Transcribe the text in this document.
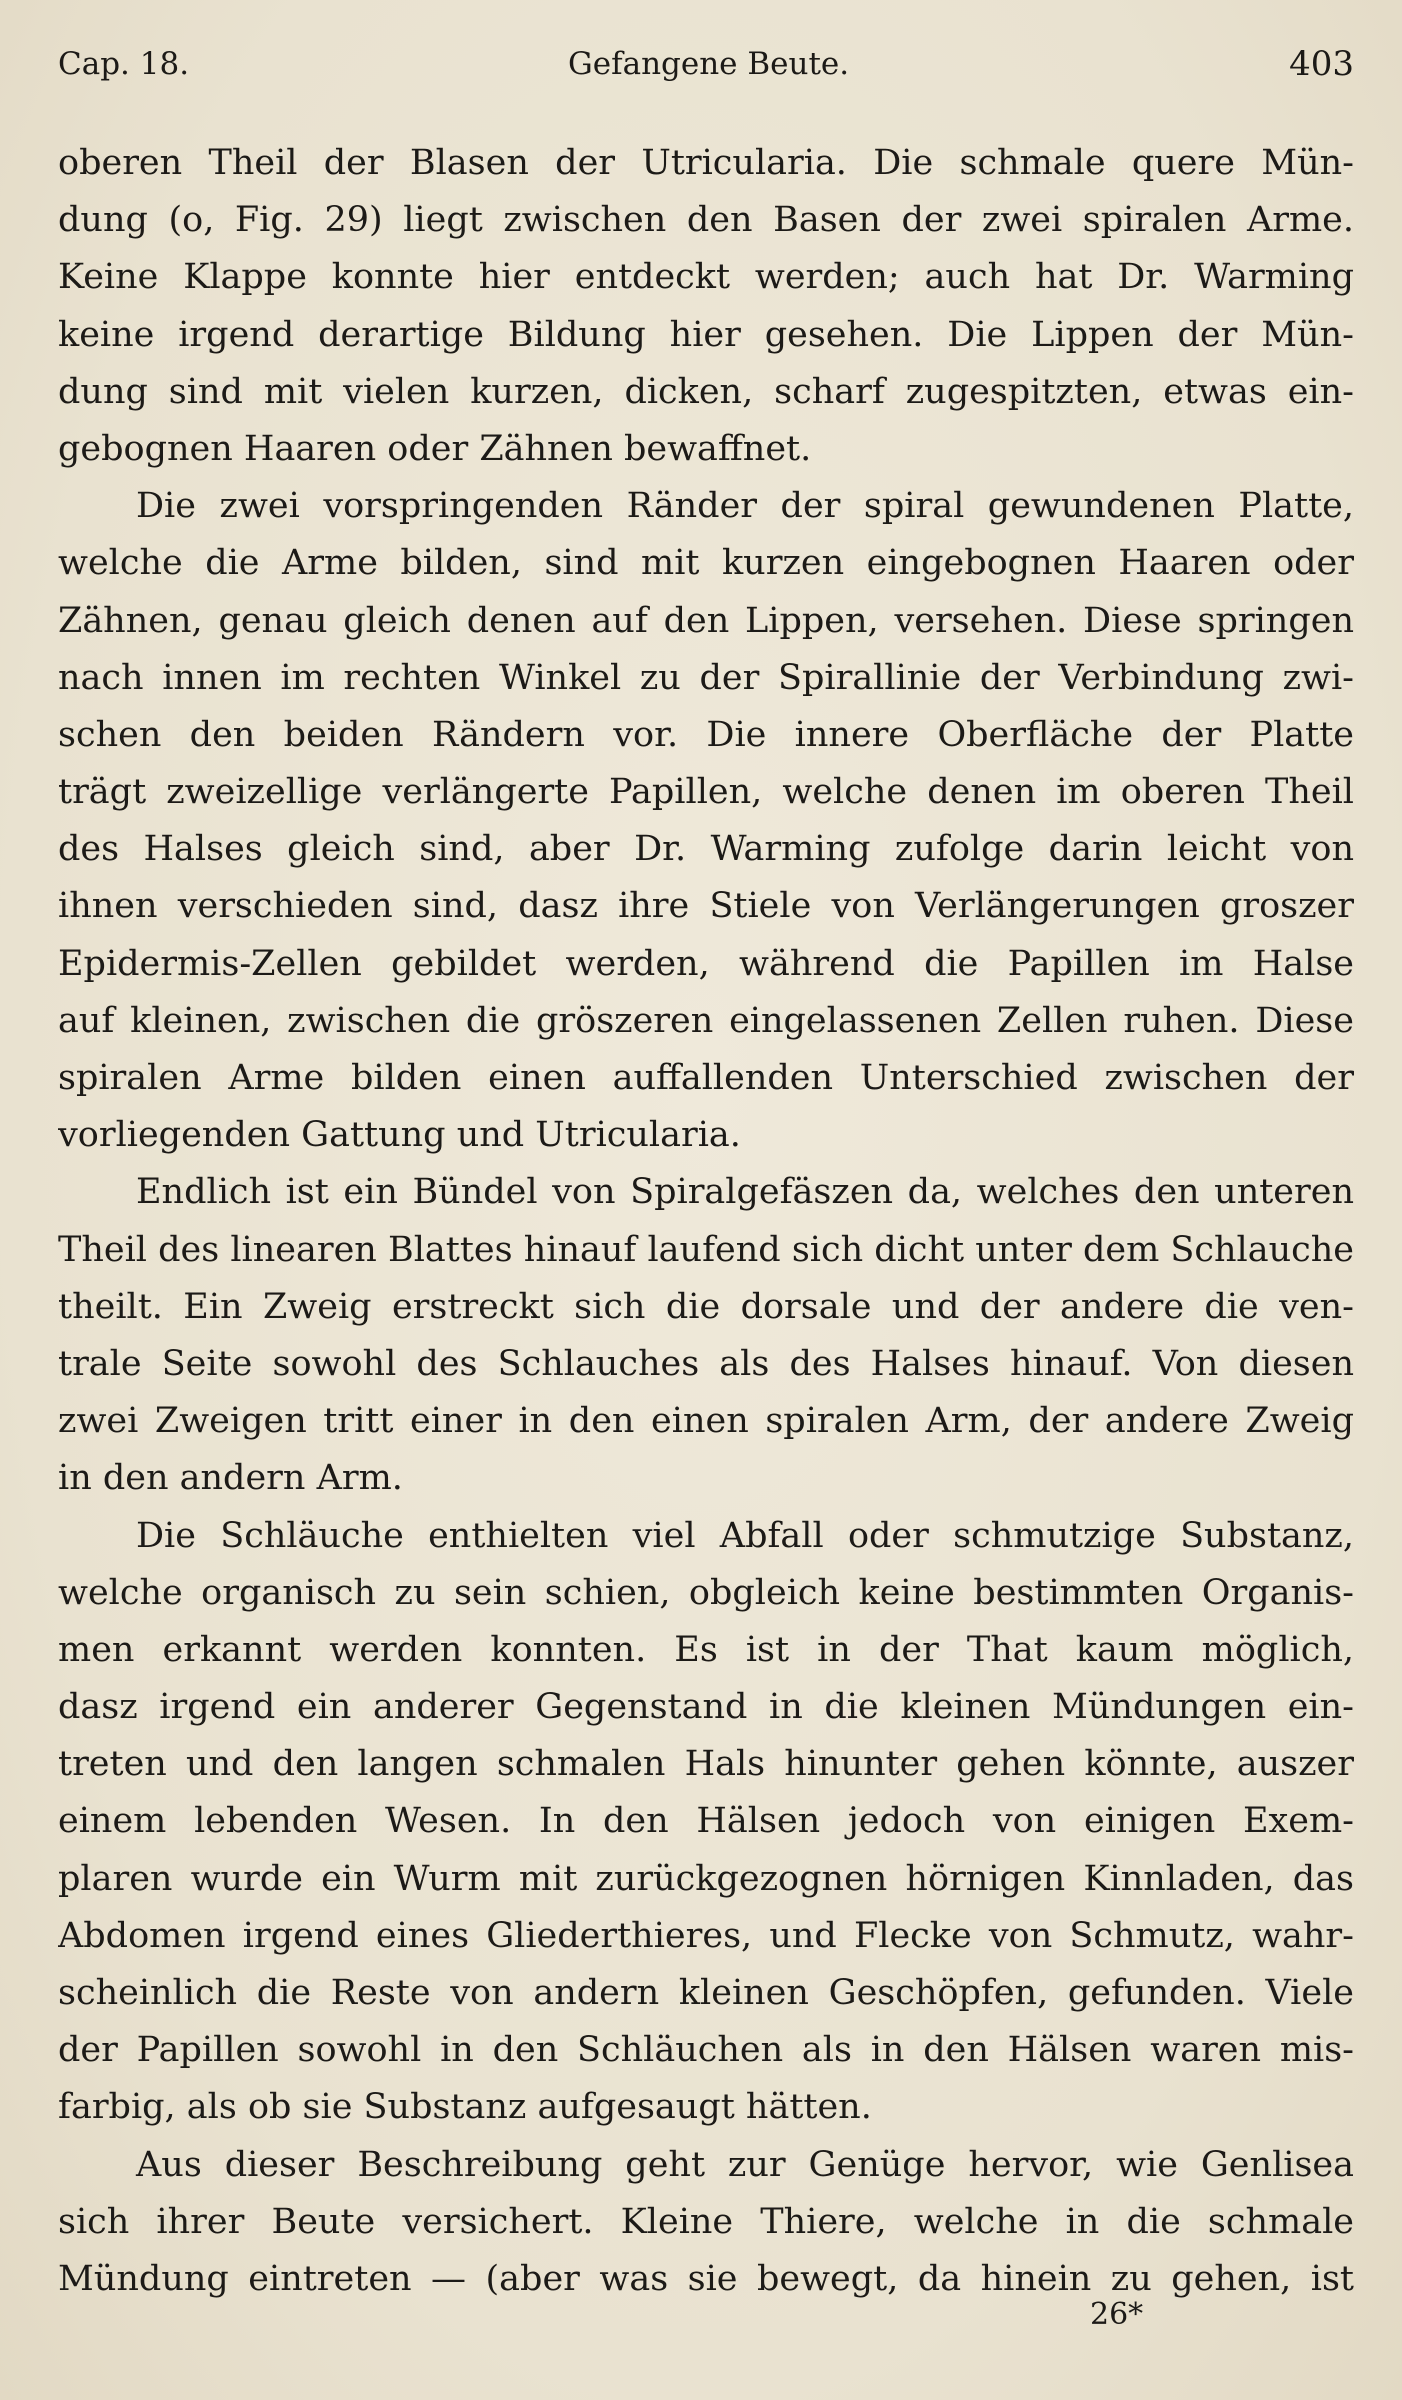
Cap. 18.	Gefangene Beute.	403
oberen Theil der Blasen der Utricularia. Die schmale quere Mün-
dung (o, Fig. 29) liegt zwischen den Basen der zwei spiralen Arme.
Keine Klappe konnte hier entdeckt werden; auch hat Dr. Warming
keine irgend derartige Bildung hier gesehen. Die Lippen der Mün-
dung sind mit vielen kurzen, dicken, scharf zugespitzten, etwas ein-
gebognen Haaren oder Zähnen bewaffnet.
Die zwei vorspringenden Ränder der spiral gewundenen Platte,
welche die Arme bilden, sind mit kurzen eingebognen Haaren oder
Zähnen, genau gleich denen auf den Lippen, versehen. Diese springen
nach innen im rechten Winkel zu der Spirallinie der Verbindung zwi-
schen den beiden Rändern vor. Die innere Oberfläche der Platte
trägt zweizellige verlängerte Papillen, welche denen im oberen Theil
des Halses gleich sind, aber Dr. Warming zufolge darin leicht von
ihnen verschieden sind, dasz ihre Stiele von Verlängerungen groszer
Epidermis-Zellen gebildet werden, während die Papillen im Halse
auf kleinen, zwischen die gröszeren eingelassenen Zellen ruhen. Diese
spiralen Arme bilden einen auffallenden Unterschied zwischen der
vorliegenden Gattung und Utricularia.
Endlich ist ein Bündel von Spiralgefäszen da, welches den unteren
Theil des linearen Blattes hinauf laufend sich dicht unter dem Schlauche
theilt. Ein Zweig erstreckt sich die dorsale und der andere die ven-
trale Seite sowohl des Schlauches als des Halses hinauf. Von diesen
zwei Zweigen tritt einer in den einen spiralen Arm, der andere Zweig
in den andern Arm.
Die Schläuche enthielten viel Abfall oder schmutzige Substanz,
welche organisch zu sein schien, obgleich keine bestimmten Organis-
men erkannt werden konnten. Es ist in der That kaum möglich,
dasz irgend ein anderer Gegenstand in die kleinen Mündungen ein-
treten und den langen schmalen Hals hinunter gehen könnte, auszer
einem lebenden Wesen. In den Hälsen jedoch von einigen Exem-
plaren wurde ein Wurm mit zurückgezognen hörnigen Kinnladen, das
Abdomen irgend eines Gliederthieres, und Flecke von Schmutz, wahr-
scheinlich die Reste von andern kleinen Geschöpfen, gefunden. Viele
der Papillen sowohl in den Schläuchen als in den Hälsen waren mis-
farbig, als ob sie Substanz aufgesaugt hätten.
Aus dieser Beschreibung geht zur Genüge hervor, wie Genlisea
sich ihrer Beute versichert. Kleine Thiere, welche in die schmale
Mündung eintreten — (aber was sie bewegt, da hinein zu gehen, ist
26*
